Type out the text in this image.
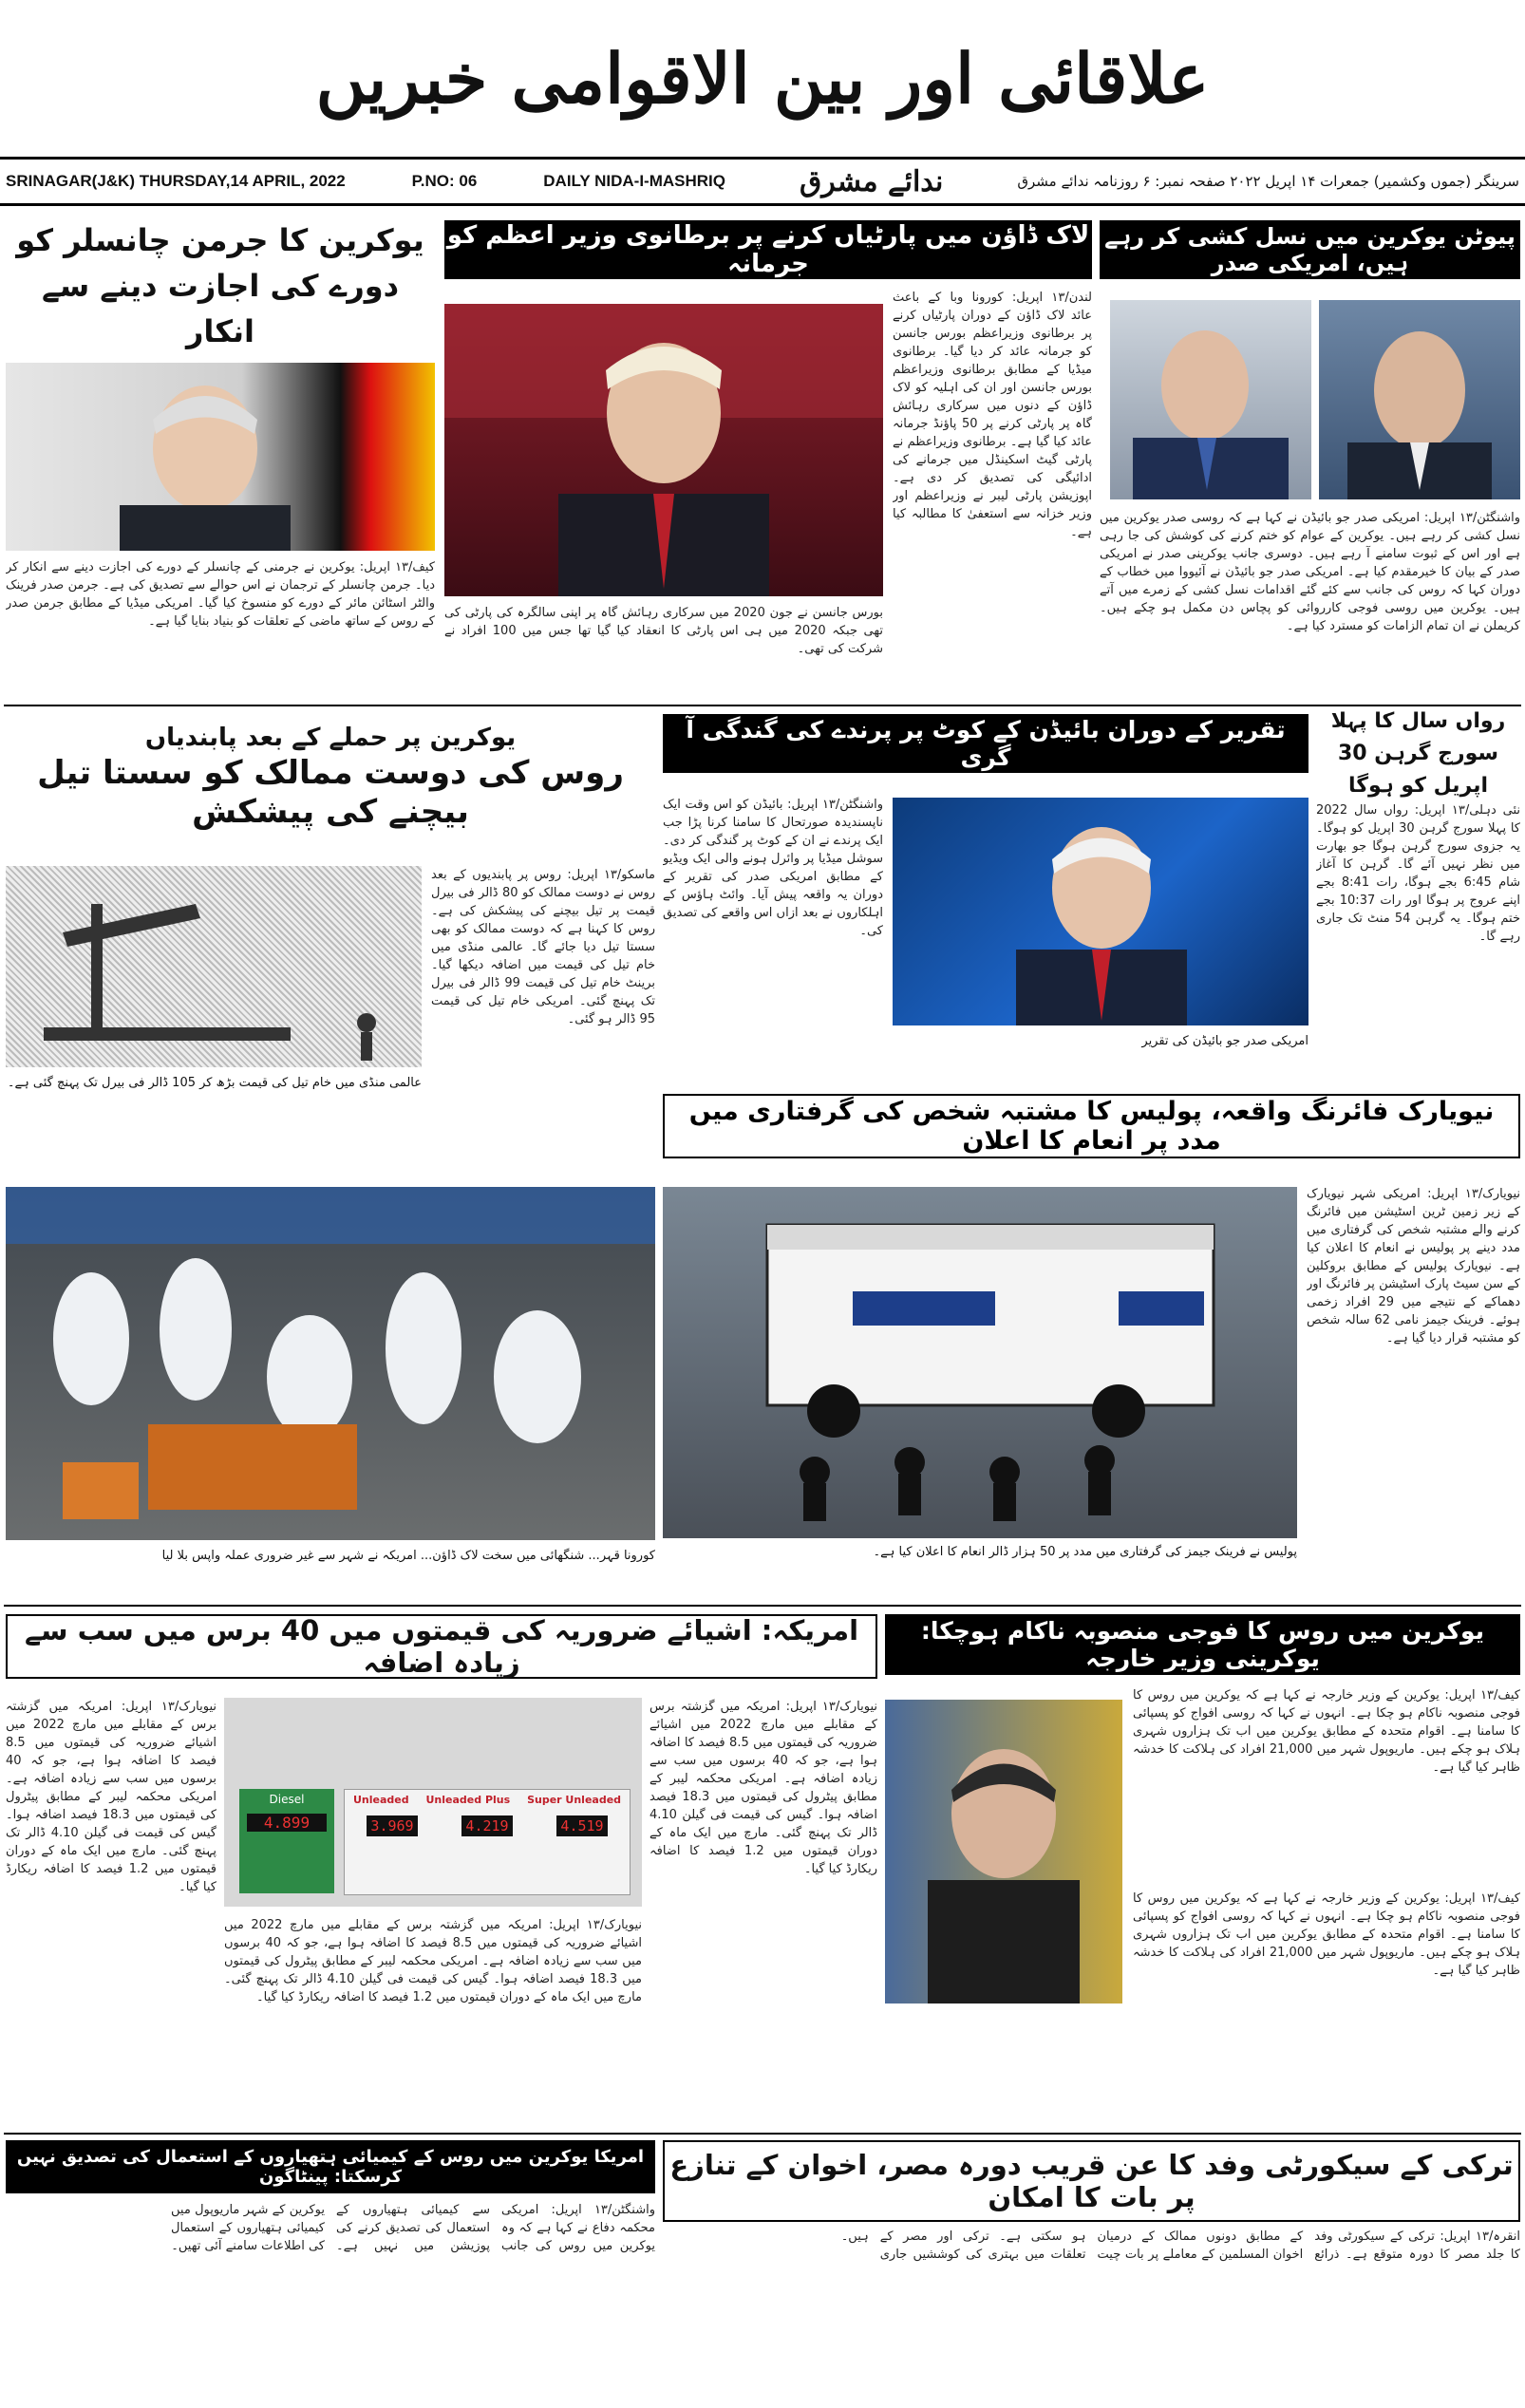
علاقائی اور بین الاقوامی خبریں
SRINAGAR(J&K) THURSDAY,14 APRIL, 2022	P.NO: 06	DAILY NIDA-I-MASHRIQ	ندائے مشرق	سرینگر (جموں وکشمیر) جمعرات ۱۴ اپریل ۲۰۲۲ صفحہ نمبر: ۶ روزنامہ ندائے مشرق
پیوٹن یوکرین میں نسل کشی کر رہے ہیں، امریکی صدر
واشنگٹن/۱۳ اپریل: امریکی صدر جو بائیڈن نے کہا ہے کہ روسی صدر یوکرین میں نسل کشی کر رہے ہیں۔ یوکرین کے عوام کو ختم کرنے کی کوشش کی جا رہی ہے اور اس کے ثبوت سامنے آ رہے ہیں۔ دوسری جانب یوکرینی صدر نے امریکی صدر کے بیان کا خیرمقدم کیا ہے۔ امریکی صدر جو بائیڈن نے آئیووا میں خطاب کے دوران کہا کہ روس کی جانب سے کئے گئے اقدامات نسل کشی کے زمرے میں آتے ہیں۔ یوکرین میں روسی فوجی کارروائی کو پچاس دن مکمل ہو چکے ہیں۔ کریملن نے ان تمام الزامات کو مسترد کیا ہے۔
لاک ڈاؤن میں پارٹیاں کرنے پر برطانوی وزیر اعظم کو جرمانہ
لندن/۱۳ اپریل: کورونا وبا کے باعث عائد لاک ڈاؤن کے دوران پارٹیاں کرنے پر برطانوی وزیراعظم بورس جانسن کو جرمانہ عائد کر دیا گیا۔ برطانوی میڈیا کے مطابق برطانوی وزیراعظم بورس جانسن اور ان کی اہلیہ کو لاک ڈاؤن کے دنوں میں سرکاری رہائش گاہ پر پارٹی کرنے پر 50 پاؤنڈ جرمانہ عائد کیا گیا ہے۔ برطانوی وزیراعظم نے پارٹی گیٹ اسکینڈل میں جرمانے کی ادائیگی کی تصدیق کر دی ہے۔ اپوزیشن پارٹی لیبر نے وزیراعظم اور وزیر خزانہ سے استعفیٰ کا مطالبہ کیا ہے۔
بورس جانسن نے جون 2020 میں سرکاری رہائش گاہ پر اپنی سالگرہ کی پارٹی کی تھی جبکہ 2020 میں ہی اس پارٹی کا انعقاد کیا گیا تھا جس میں 100 افراد نے شرکت کی تھی۔
یوکرین کا جرمن چانسلر کو دورے کی اجازت دینے سے انکار
کیف/۱۳ اپریل: یوکرین نے جرمنی کے چانسلر کے دورے کی اجازت دینے سے انکار کر دیا۔ جرمن چانسلر کے ترجمان نے اس حوالے سے تصدیق کی ہے۔ جرمن صدر فرینک والٹر اسٹائن مائر کے دورے کو منسوخ کیا گیا۔ امریکی میڈیا کے مطابق جرمن صدر کے روس کے ساتھ ماضی کے تعلقات کو بنیاد بنایا گیا ہے۔
رواں سال کا پہلا سورج گرہن 30 اپریل کو ہوگا
نئی دہلی/۱۳ اپریل: رواں سال 2022 کا پہلا سورج گرہن 30 اپریل کو ہوگا۔ یہ جزوی سورج گرہن ہوگا جو بھارت میں نظر نہیں آئے گا۔ گرہن کا آغاز شام 6:45 بجے ہوگا، رات 8:41 بجے اپنے عروج پر ہوگا اور رات 10:37 بجے ختم ہوگا۔ یہ گرہن 54 منٹ تک جاری رہے گا۔
تقریر کے دوران بائیڈن کے کوٹ پر پرندے کی گندگی آ گری
امریکی صدر جو بائیڈن کی تقریر
واشنگٹن/۱۳ اپریل: بائیڈن کو اس وقت ایک ناپسندیدہ صورتحال کا سامنا کرنا پڑا جب ایک پرندے نے ان کے کوٹ پر گندگی کر دی۔ سوشل میڈیا پر وائرل ہونے والی ایک ویڈیو کے مطابق امریکی صدر کی تقریر کے دوران یہ واقعہ پیش آیا۔ وائٹ ہاؤس کے اہلکاروں نے بعد ازاں اس واقعے کی تصدیق کی۔
یوکرین پر حملے کے بعد پابندیاں
روس کی دوست ممالک کو سستا تیل بیچنے کی پیشکش
عالمی منڈی میں خام تیل کی قیمت بڑھ کر 105 ڈالر فی بیرل تک پہنچ گئی ہے۔
ماسکو/۱۳ اپریل: روس پر پابندیوں کے بعد روس نے دوست ممالک کو 80 ڈالر فی بیرل قیمت پر تیل بیچنے کی پیشکش کی ہے۔ روس کا کہنا ہے کہ دوست ممالک کو بھی سستا تیل دیا جائے گا۔ عالمی منڈی میں خام تیل کی قیمت میں اضافہ دیکھا گیا۔ برینٹ خام تیل کی قیمت 99 ڈالر فی بیرل تک پہنچ گئی۔ امریکی خام تیل کی قیمت 95 ڈالر ہو گئی۔
نیویارک فائرنگ واقعہ، پولیس کا مشتبہ شخص کی گرفتاری میں مدد پر انعام کا اعلان
پولیس نے فرینک جیمز کی گرفتاری میں مدد پر 50 ہزار ڈالر انعام کا اعلان کیا ہے۔
نیویارک/۱۳ اپریل: امریکی شہر نیویارک کے زیر زمین ٹرین اسٹیشن میں فائرنگ کرنے والے مشتبہ شخص کی گرفتاری میں مدد دینے پر پولیس نے انعام کا اعلان کیا ہے۔ نیویارک پولیس کے مطابق بروکلین کے سن سیٹ پارک اسٹیشن پر فائرنگ اور دھماکے کے نتیجے میں 29 افراد زخمی ہوئے۔ فرینک جیمز نامی 62 سالہ شخص کو مشتبہ قرار دیا گیا ہے۔
کورونا قہر... شنگھائی میں سخت لاک ڈاؤن... امریکہ نے شہر سے غیر ضروری عملہ واپس بلا لیا
یوکرین میں روس کا فوجی منصوبہ ناکام ہوچکا: یوکرینی وزیر خارجہ
کیف/۱۳ اپریل: یوکرین کے وزیر خارجہ نے کہا ہے کہ یوکرین میں روس کا فوجی منصوبہ ناکام ہو چکا ہے۔ انہوں نے کہا کہ روسی افواج کو پسپائی کا سامنا ہے۔ اقوام متحدہ کے مطابق یوکرین میں اب تک ہزاروں شہری ہلاک ہو چکے ہیں۔ ماریوپول شہر میں 21,000 افراد کی ہلاکت کا خدشہ ظاہر کیا گیا ہے۔
کیف/۱۳ اپریل: یوکرین کے وزیر خارجہ نے کہا ہے کہ یوکرین میں روس کا فوجی منصوبہ ناکام ہو چکا ہے۔ انہوں نے کہا کہ روسی افواج کو پسپائی کا سامنا ہے۔ اقوام متحدہ کے مطابق یوکرین میں اب تک ہزاروں شہری ہلاک ہو چکے ہیں۔ ماریوپول شہر میں 21,000 افراد کی ہلاکت کا خدشہ ظاہر کیا گیا ہے۔
امریکہ: اشیائے ضروریہ کی قیمتوں میں 40 برس میں سب سے زیادہ اضافہ
Diesel
4.899
Unleaded Unleaded Plus Super Unleaded
3.969	4.219	4.519
نیویارک/۱۳ اپریل: امریکہ میں گزشتہ برس کے مقابلے میں مارچ 2022 میں اشیائے ضروریہ کی قیمتوں میں 8.5 فیصد کا اضافہ ہوا ہے، جو کہ 40 برسوں میں سب سے زیادہ اضافہ ہے۔ امریکی محکمہ لیبر کے مطابق پیٹرول کی قیمتوں میں 18.3 فیصد اضافہ ہوا۔ گیس کی قیمت فی گیلن 4.10 ڈالر تک پہنچ گئی۔ مارچ میں ایک ماہ کے دوران قیمتوں میں 1.2 فیصد کا اضافہ ریکارڈ کیا گیا۔
نیویارک/۱۳ اپریل: امریکہ میں گزشتہ برس کے مقابلے میں مارچ 2022 میں اشیائے ضروریہ کی قیمتوں میں 8.5 فیصد کا اضافہ ہوا ہے، جو کہ 40 برسوں میں سب سے زیادہ اضافہ ہے۔ امریکی محکمہ لیبر کے مطابق پیٹرول کی قیمتوں میں 18.3 فیصد اضافہ ہوا۔ گیس کی قیمت فی گیلن 4.10 ڈالر تک پہنچ گئی۔ مارچ میں ایک ماہ کے دوران قیمتوں میں 1.2 فیصد کا اضافہ ریکارڈ کیا گیا۔
نیویارک/۱۳ اپریل: امریکہ میں گزشتہ برس کے مقابلے میں مارچ 2022 میں اشیائے ضروریہ کی قیمتوں میں 8.5 فیصد کا اضافہ ہوا ہے، جو کہ 40 برسوں میں سب سے زیادہ اضافہ ہے۔ امریکی محکمہ لیبر کے مطابق پیٹرول کی قیمتوں میں 18.3 فیصد اضافہ ہوا۔ گیس کی قیمت فی گیلن 4.10 ڈالر تک پہنچ گئی۔ مارچ میں ایک ماہ کے دوران قیمتوں میں 1.2 فیصد کا اضافہ ریکارڈ کیا گیا۔
ترکی کے سیکورٹی وفد کا عن قریب دورہ مصر، اخوان کے تنازع پر بات کا امکان
انقرہ/۱۳ اپریل: ترکی کے سیکورٹی وفد کا جلد مصر کا دورہ متوقع ہے۔ ذرائع کے مطابق دونوں ممالک کے درمیان اخوان المسلمین کے معاملے پر بات چیت ہو سکتی ہے۔ ترکی اور مصر کے تعلقات میں بہتری کی کوششیں جاری ہیں۔
امریکا یوکرین میں روس کے کیمیائی ہتھیاروں کے استعمال کی تصدیق نہیں کرسکتا: پینٹاگون
واشنگٹن/۱۳ اپریل: امریکی محکمہ دفاع نے کہا ہے کہ وہ یوکرین میں روس کی جانب سے کیمیائی ہتھیاروں کے استعمال کی تصدیق کرنے کی پوزیشن میں نہیں ہے۔ یوکرین کے شہر ماریوپول میں کیمیائی ہتھیاروں کے استعمال کی اطلاعات سامنے آئی تھیں۔
